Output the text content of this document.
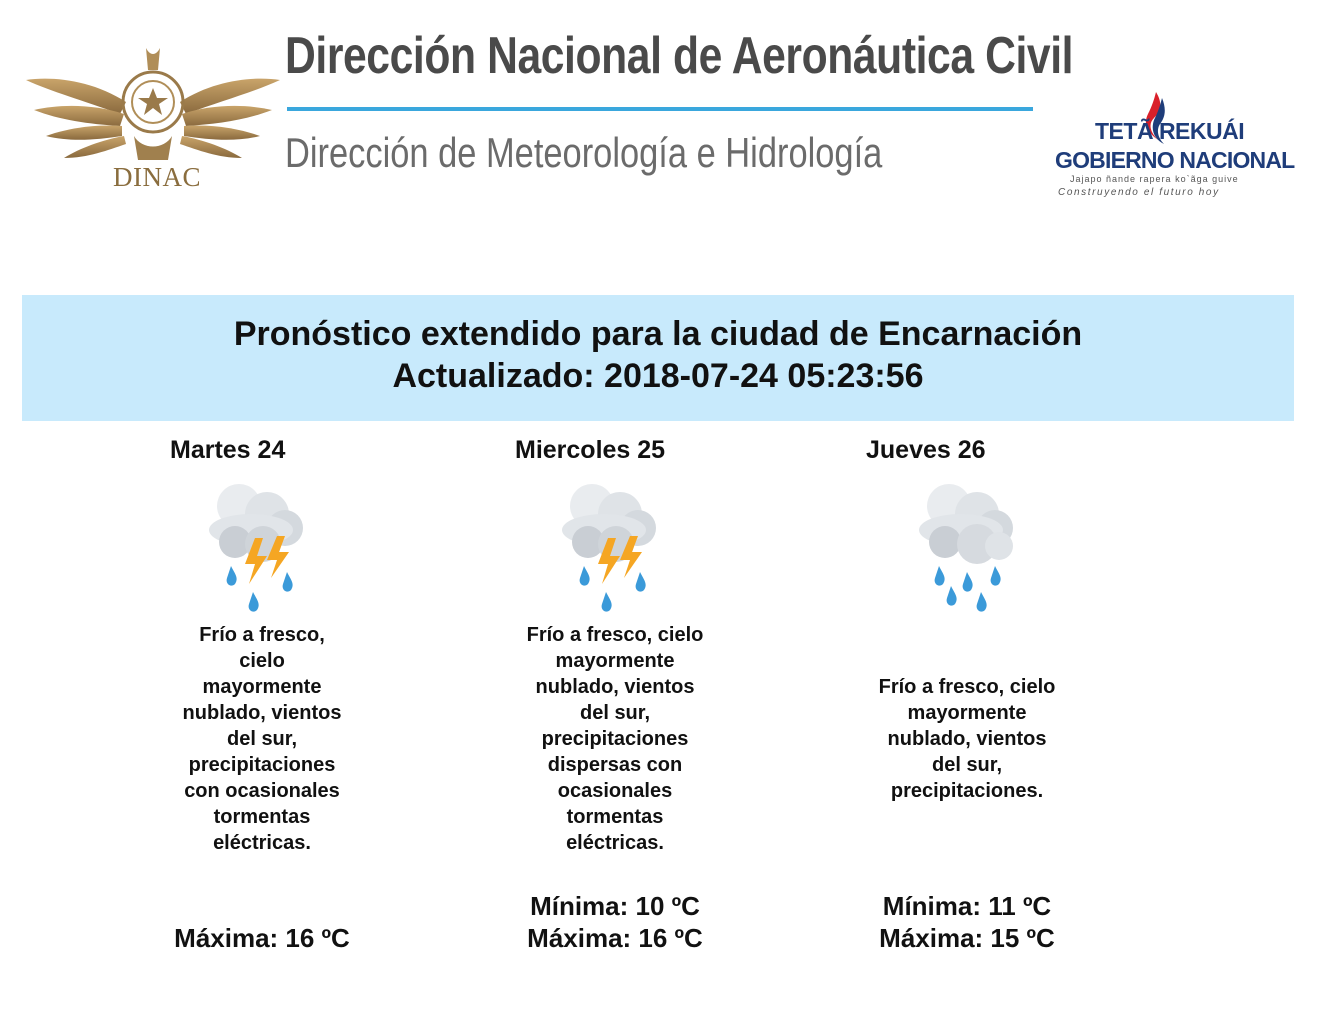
DINAC
Dirección Nacional de Aeronáutica Civil
Dirección de Meteorología e Hidrología	TETÃ REKUÁI
GOBIERNO NACIONAL
Jajapo ñande rapera ko`ãga guive
Construyendo el futuro hoy
Pronóstico extendido para la ciudad de Encarnación
Actualizado: 2018-07-24 05:23:56
Martes 24
Frío a fresco,
cielo
mayormente
nublado, vientos
del sur,
precipitaciones
con ocasionales
tormentas
eléctricas.
Máxima: 16 ºC
Miercoles 25
Frío a fresco, cielo
mayormente
nublado, vientos
del sur,
precipitaciones
dispersas con
ocasionales
tormentas
eléctricas.
Mínima: 10 ºC
Máxima: 16 ºC
Jueves 26
Frío a fresco, cielo
mayormente
nublado, vientos
del sur,
precipitaciones.
Mínima: 11 ºC
Máxima: 15 ºC
